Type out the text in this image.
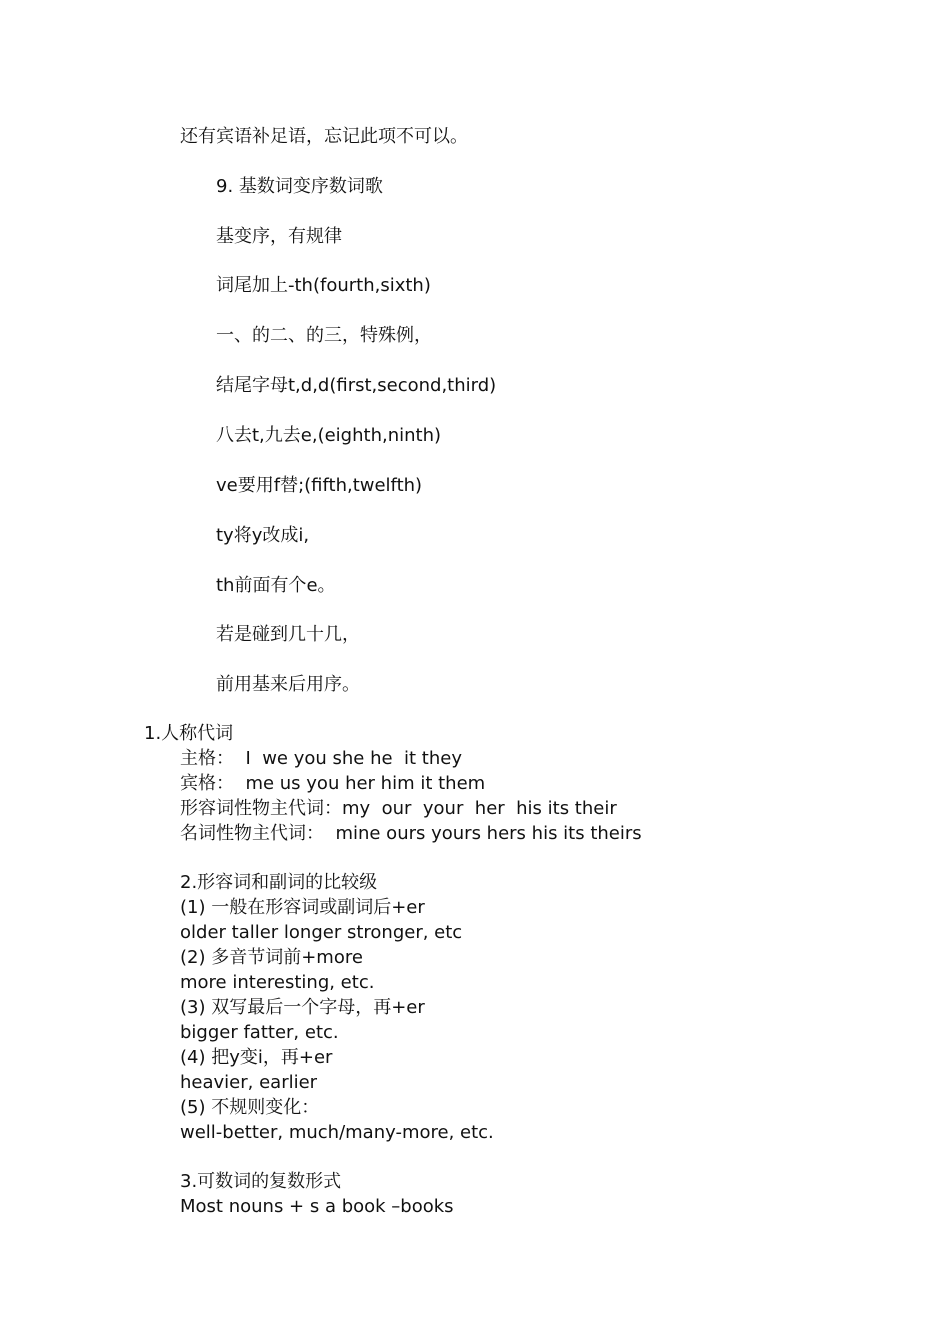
还有宾语补足语，忘记此项不可以。

9. 基数词变序数词歌

基变序，有规律

词尾加上-th(fourth,sixth)

一、的二、的三，特殊例，

结尾字母t,d,d(first,second,third)

八去t,九去e,(eighth,ninth)

ve要用f替;(fifth,twelfth)

ty将y改成i,

th前面有个e。

若是碰到几十几，

前用基来后用序。

1.人称代词

主格：  I  we you she he  it they

宾格：  me us you her him it them

形容词性物主代词：my  our  your  her  his its their

名词性物主代词：  mine ours yours hers his its theirs

2.形容词和副词的比较级

(1) 一般在形容词或副词后+er

older taller longer stronger, etc

(2) 多音节词前+more

more interesting, etc.

(3) 双写最后一个字母，再+er

bigger fatter, etc.

(4) 把y变i，再+er

heavier, earlier

(5) 不规则变化：

well-better, much/many-more, etc.

3.可数词的复数形式

Most nouns + s a book –books
